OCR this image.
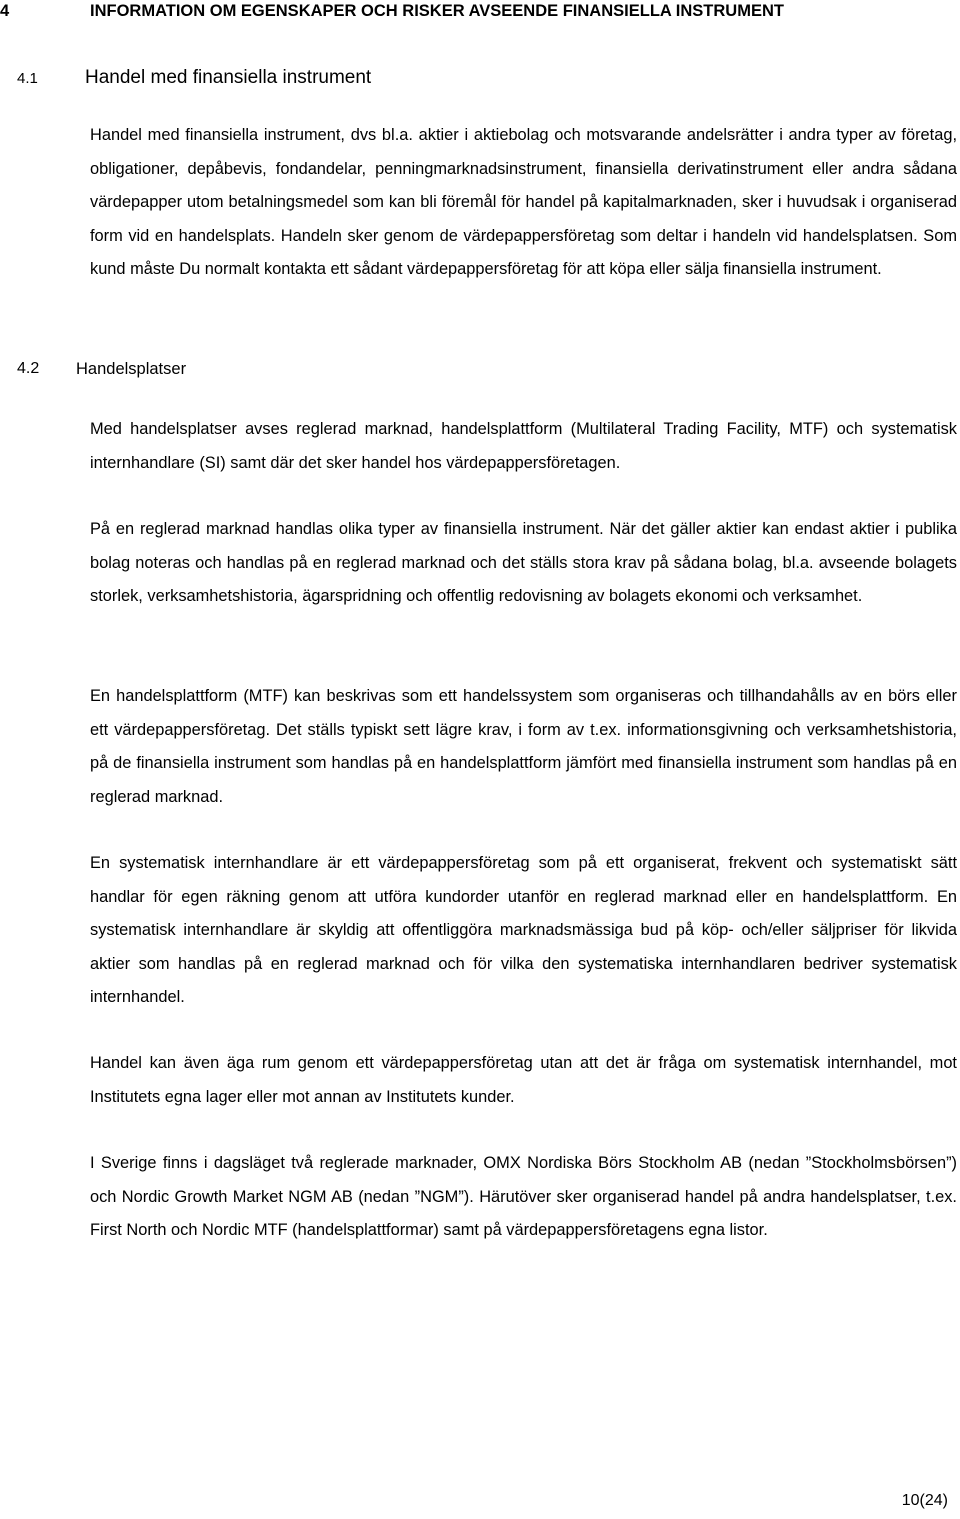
4	INFORMATION OM EGENSKAPER OCH RISKER AVSEENDE FINANSIELLA INSTRUMENT
4.1 Handel med finansiella instrument

Handel med finansiella instrument, dvs bl.a. aktier i aktiebolag och motsvarande andelsrätter i andra typer av företag, obligationer, depåbevis, fondandelar, penningmarknadsinstrument, finansiella derivatinstrument eller andra sådana värdepapper utom betalningsmedel som kan bli föremål för handel på kapitalmarknaden, sker i huvudsak i organiserad form vid en handelsplats. Handeln sker genom de värdepappersföretag som deltar i handeln vid handelsplatsen. Som kund måste Du normalt kontakta ett sådant värdepappersföretag för att köpa eller sälja finansiella instrument.

4.2 Handelsplatser

Med handelsplatser avses reglerad marknad, handelsplattform (Multilateral Trading Facility, MTF) och systematisk internhandlare (SI) samt där det sker handel hos värdepappersföretagen.

På en reglerad marknad handlas olika typer av finansiella instrument. När det gäller aktier kan endast aktier i publika bolag noteras och handlas på en reglerad marknad och det ställs stora krav på sådana bolag, bl.a. avseende bolagets storlek, verksamhetshistoria, ägarspridning och offentlig redovisning av bolagets ekonomi och verksamhet.

En handelsplattform (MTF) kan beskrivas som ett handelssystem som organiseras och tillhandahålls av en börs eller ett värdepappersföretag. Det ställs typiskt sett lägre krav, i form av t.ex. informationsgivning och verksamhetshistoria, på de finansiella instrument som handlas på en handelsplattform jämfört med finansiella instrument som handlas på en reglerad marknad.

En systematisk internhandlare är ett värdepappersföretag som på ett organiserat, frekvent och systematiskt sätt handlar för egen räkning genom att utföra kundorder utanför en reglerad marknad eller en handelsplattform. En systematisk internhandlare är skyldig att offentliggöra marknadsmässiga bud på köp- och/eller säljpriser för likvida aktier som handlas på en reglerad marknad och för vilka den systematiska internhandlaren bedriver systematisk internhandel.

Handel kan även äga rum genom ett värdepappersföretag utan att det är fråga om systematisk internhandel, mot Institutets egna lager eller mot annan av Institutets kunder.

I Sverige finns i dagsläget två reglerade marknader, OMX Nordiska Börs Stockholm AB (nedan ”Stockholmsbörsen”) och Nordic Growth Market NGM AB (nedan ”NGM”). Härutöver sker organiserad handel på andra handelsplatser, t.ex. First North och Nordic MTF (handelsplattformar) samt på värdepappersföretagens egna listor.

10(24)
